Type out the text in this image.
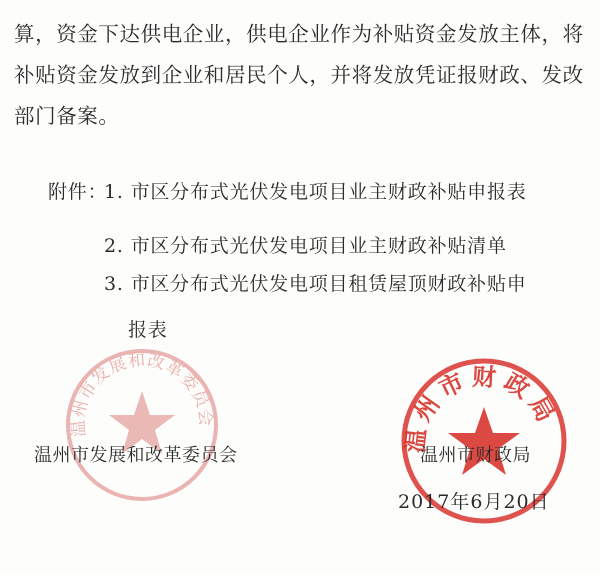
算，资金下达供电企业，供电企业作为补贴资金发放主体，将
补贴资金发放到企业和居民个人，并将发放凭证报财政、发改
部门备案。
附件：
1. 市区分布式光伏发电项目业主财政补贴申报表
2. 市区分布式光伏发电项目业主财政补贴清单
3. 市区分布式光伏发电项目租赁屋顶财政补贴申
报表
温州市发展和改革委员会
温州市财政局
温州市发展和改革委员会	温州市财政局
2017年6月20日
